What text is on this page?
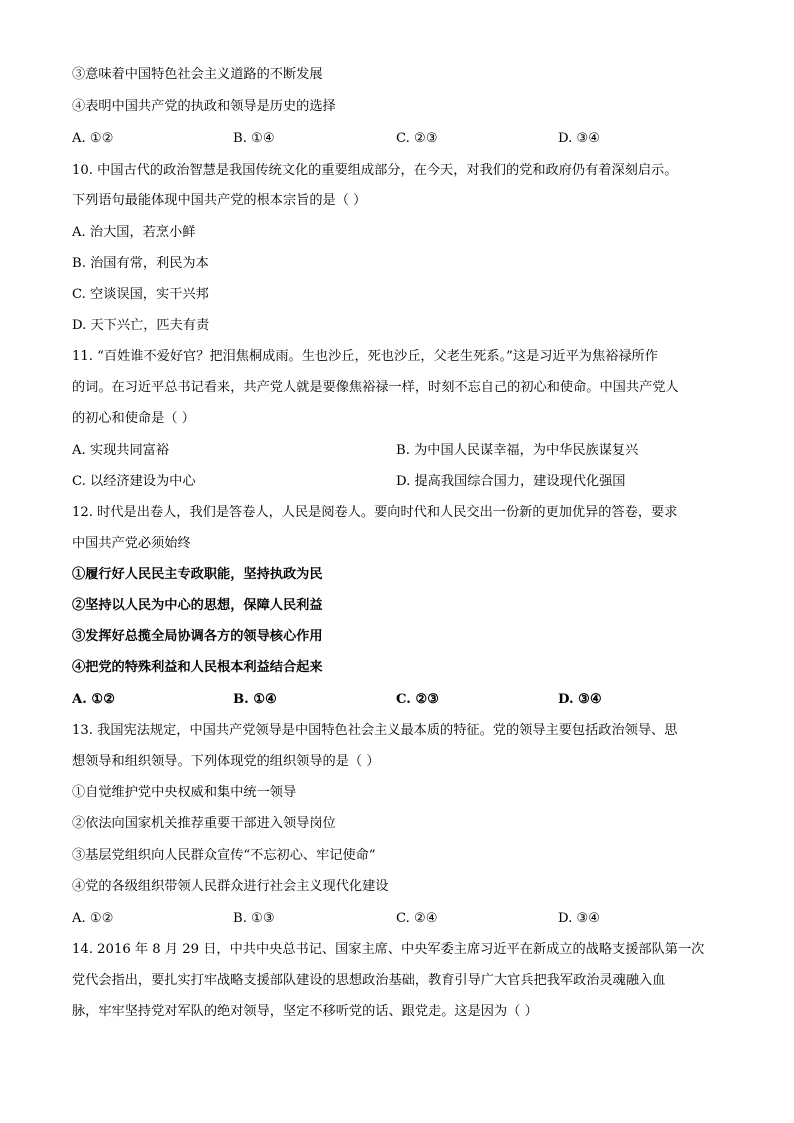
③意味着中国特色社会主义道路的不断发展
④表明中国共产党的执政和领导是历史的选择
A. ①②	B. ①④	C. ②③	D. ③④
10. 中国古代的政治智慧是我国传统文化的重要组成部分，在今天，对我们的党和政府仍有着深刻启示。
下列语句最能体现中国共产党的根本宗旨的是（ ）
A. 治大国，若烹小鲜
B. 治国有常，利民为本
C. 空谈误国，实干兴邦
D. 天下兴亡，匹夫有责
11. “百姓谁不爱好官？把泪焦桐成雨。生也沙丘，死也沙丘，父老生死系。”这是习近平为焦裕禄所作
的词。在习近平总书记看来，共产党人就是要像焦裕禄一样，时刻不忘自己的初心和使命。中国共产党人
的初心和使命是（ ）
A. 实现共同富裕	B. 为中国人民谋幸福，为中华民族谋复兴
C. 以经济建设为中心	D. 提高我国综合国力，建设现代化强国
12. 时代是出卷人，我们是答卷人，人民是阅卷人。要向时代和人民交出一份新的更加优异的答卷，要求
中国共产党必须始终
①履行好人民民主专政职能，坚持执政为民
②坚持以人民为中心的思想，保障人民利益
③发挥好总揽全局协调各方的领导核心作用
④把党的特殊利益和人民根本利益结合起来
A. ①②	B. ①④	C. ②③	D. ③④
13. 我国宪法规定，中国共产党领导是中国特色社会主义最本质的特征。党的领导主要包括政治领导、思
想领导和组织领导。下列体现党的组织领导的是（ ）
①自觉维护党中央权威和集中统一领导
②依法向国家机关推荐重要干部进入领导岗位
③基层党组织向人民群众宣传“不忘初心、牢记使命”
④党的各级组织带领人民群众进行社会主义现代化建设
A. ①②	B. ①③	C. ②④	D. ③④
14. 2016 年 8 月 29 日，中共中央总书记、国家主席、中央军委主席习近平在新成立的战略支援部队第一次
党代会指出，要扎实打牢战略支援部队建设的思想政治基础，教育引导广大官兵把我军政治灵魂融入血
脉，牢牢坚持党对军队的绝对领导，坚定不移听党的话、跟党走。这是因为（ ）
